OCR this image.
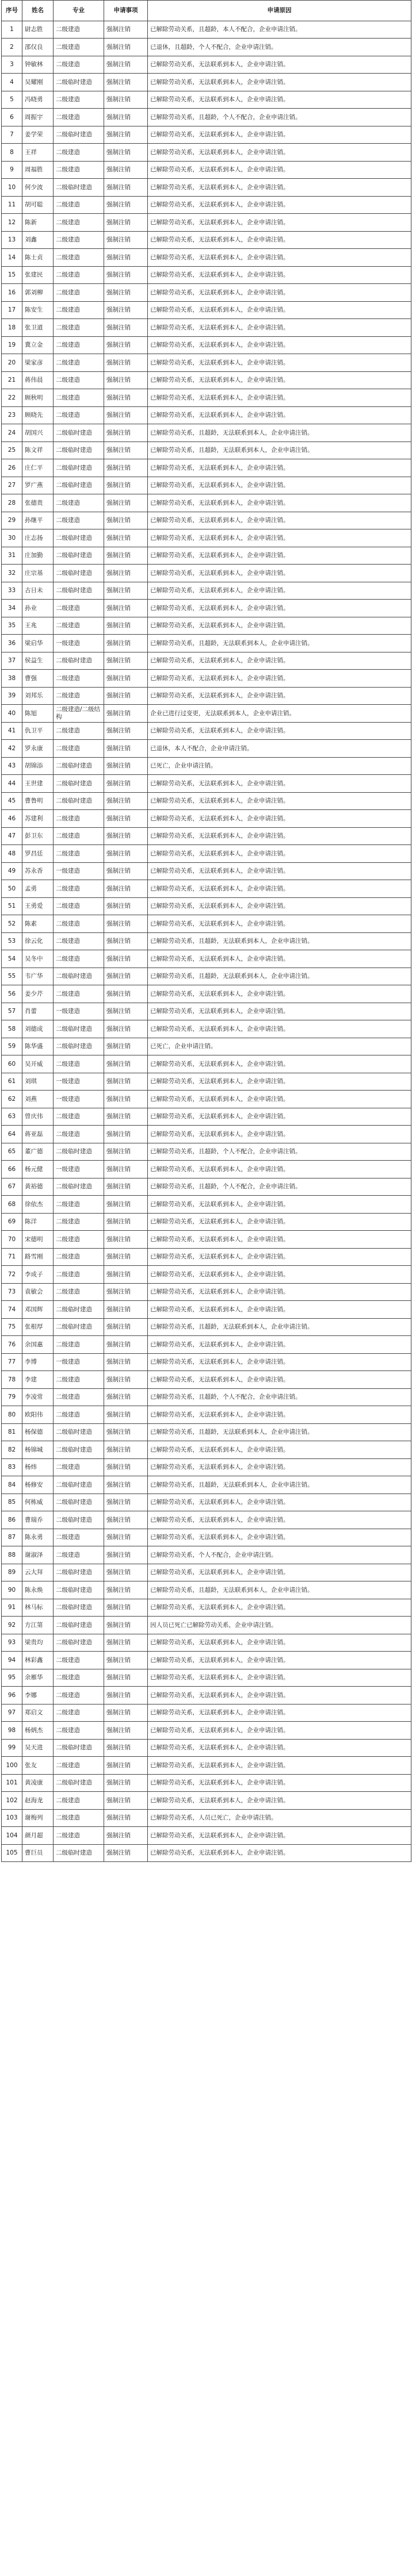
序号	姓名	专业	申请事项	申请原因
1	尉志胜	二级建造	强制注销	已解除劳动关系，且超龄，本人不配合，企业申请注销。
2	邵仅良	二级建造	强制注销	已退休，且超龄，个人不配合，企业申请注销。
3	钟敏林	二级建造	强制注销	已解除劳动关系，无法联系到本人，企业申请注销。
4	吴耀刚	二级临时建造	强制注销	已解除劳动关系，无法联系到本人，企业申请注销。
5	冯晓勇	二级建造	强制注销	已解除劳动关系，无法联系到本人，企业申请注销。
6	周振宇	二级建造	强制注销	已解除劳动关系，且超龄，个人不配合，企业申请注销。
7	姜学荣	二级临时建造	强制注销	已解除劳动关系，无法联系到本人，企业申请注销。
8	王祥	二级建造	强制注销	已解除劳动关系，无法联系到本人，企业申请注销。
9	周福胜	二级建造	强制注销	已解除劳动关系，无法联系到本人，企业申请注销。
10	何少波	二级临时建造	强制注销	已解除劳动关系，无法联系到本人，企业申请注销。
11	胡可聪	二级建造	强制注销	已解除劳动关系，无法联系到本人，企业申请注销。
12	陈新	二级建造	强制注销	已解除劳动关系，无法联系到本人，企业申请注销。
13	刘鑫	二级建造	强制注销	已解除劳动关系，无法联系到本人，企业申请注销。
14	陈士贞	二级建造	强制注销	已解除劳动关系，无法联系到本人，企业申请注销。
15	张建民	二级建造	强制注销	已解除劳动关系，无法联系到本人，企业申请注销。
16	郭刘柳	二级建造	强制注销	已解除劳动关系，无法联系到本人，企业申请注销。
17	陈安生	二级建造	强制注销	已解除劳动关系，无法联系到本人，企业申请注销。
18	张卫道	二级建造	强制注销	已解除劳动关系，无法联系到本人，企业申请注销。
19	冀立金	二级建造	强制注销	已解除劳动关系，无法联系到本人，企业申请注销。
20	梁家彦	二级建造	强制注销	已解除劳动关系，无法联系到本人，企业申请注销。
21	蒋伟晨	二级建造	强制注销	已解除劳动关系，无法联系到本人，企业申请注销。
22	顾秋明	二级建造	强制注销	已解除劳动关系，无法联系到本人，企业申请注销。
23	顾晓先	二级建造	强制注销	已解除劳动关系，无法联系到本人，企业申请注销。
24	胡国兴	二级临时建造	强制注销	已解除劳动关系，且超龄，无法联系到本人，企业申请注销。
25	陈文祥	二级临时建造	强制注销	已解除劳动关系，且超龄，无法联系到本人，企业申请注销。
26	庄仁平	二级临时建造	强制注销	已解除劳动关系，无法联系到本人，企业申请注销。
27	罗广燕	二级临时建造	强制注销	已解除劳动关系，无法联系到本人，企业申请注销。
28	张德贵	二级建造	强制注销	已解除劳动关系，无法联系到本人，企业申请注销。
29	孙继平	二级建造	强制注销	已解除劳动关系，无法联系到本人，企业申请注销。
30	庄志扬	二级临时建造	强制注销	已解除劳动关系，无法联系到本人，企业申请注销。
31	庄加勤	二级临时建造	强制注销	已解除劳动关系，无法联系到本人，企业申请注销。
32	庄宗基	二级临时建造	强制注销	已解除劳动关系，无法联系到本人，企业申请注销。
33	古日未	二级临时建造	强制注销	已解除劳动关系，无法联系到本人，企业申请注销。
34	孙业	二级建造	强制注销	已解除劳动关系，无法联系到本人，企业申请注销。
35	王兆	二级建造	强制注销	已解除劳动关系，无法联系到本人，企业申请注销。
36	梁启华	一级建造	强制注销	已解除劳动关系，且超龄，无法联系到本人，企业申请注销。
37	侯益生	二级临时建造	强制注销	已解除劳动关系，无法联系到本人，企业申请注销。
38	曹强	二级建造	强制注销	已解除劳动关系，无法联系到本人，企业申请注销。
39	刘邦乐	二级建造	强制注销	已解除劳动关系，无法联系到本人，企业申请注销。
40	陈旭	二级建造/二级结构	强制注销	企业已进行过变更，无法联系到本人，企业申请注销。
41	仇卫平	二级建造	强制注销	已解除劳动关系，无法联系到本人，企业申请注销。
42	罗永康	二级建造	强制注销	已退休，本人不配合，企业申请注销。
43	胡锦添	二级临时建造	强制注销	已死亡，企业申请注销。
44	王世建	二级临时建造	强制注销	已解除劳动关系，无法联系到本人，企业申请注销。
45	曹鲁明	二级临时建造	强制注销	已解除劳动关系，无法联系到本人，企业申请注销。
46	苏建利	二级建造	强制注销	已解除劳动关系，无法联系到本人，企业申请注销。
47	彭卫东	二级建造	强制注销	已解除劳动关系，无法联系到本人，企业申请注销。
48	罗昌廷	二级建造	强制注销	已解除劳动关系，无法联系到本人，企业申请注销。
49	苏永香	一级建造	强制注销	已解除劳动关系，无法联系到本人，企业申请注销。
50	孟勇	二级建造	强制注销	已解除劳动关系，无法联系到本人，企业申请注销。
51	王勇爱	二级建造	强制注销	已解除劳动关系，无法联系到本人，企业申请注销。
52	陈素	二级建造	强制注销	已解除劳动关系，无法联系到本人，企业申请注销。
53	徐云化	二级建造	强制注销	已解除劳动关系，且超龄，无法联系到本人，企业申请注销。
54	吴冬中	二级建造	强制注销	已解除劳动关系，无法联系到本人，企业申请注销。
55	韦广华	二级临时建造	强制注销	已解除劳动关系，且超龄，无法联系到本人，企业申请注销。
56	姜少芹	二级建造	强制注销	已解除劳动关系，无法联系到本人，企业申请注销。
57	肖蕾	一级建造	强制注销	已解除劳动关系，无法联系到本人，企业申请注销。
58	刘德成	二级临时建造	强制注销	已解除劳动关系，无法联系到本人，企业申请注销。
59	陈华盛	二级临时建造	强制注销	已死亡，企业申请注销。
60	吴开威	二级建造	强制注销	已解除劳动关系，无法联系到本人，企业申请注销。
61	刘琪	一级建造	强制注销	已解除劳动关系，无法联系到本人，企业申请注销。
62	刘燕	一级建造	强制注销	已解除劳动关系，无法联系到本人，企业申请注销。
63	曾庆伟	二级建造	强制注销	已解除劳动关系，无法联系到本人，企业申请注销。
64	蒋亚磊	二级建造	强制注销	已解除劳动关系，无法联系到本人，企业申请注销。
65	董广德	二级临时建造	强制注销	已解除劳动关系，且超龄，个人不配合，企业申请注销。
66	杨元健	一级建造	强制注销	已解除劳动关系，无法联系到本人，企业申请注销。
67	黄裕德	二级临时建造	强制注销	已解除劳动关系，且超龄，个人不配合，企业申请注销。
68	徐依杰	二级建造	强制注销	已解除劳动关系，无法联系到本人，企业申请注销。
69	陈洋	二级建造	强制注销	已解除劳动关系，无法联系到本人，企业申请注销。
70	宋德明	二级建造	强制注销	已解除劳动关系，无法联系到本人，企业申请注销。
71	路雪刚	二级建造	强制注销	已解除劳动关系，无法联系到本人，企业申请注销。
72	李成子	二级建造	强制注销	已解除劳动关系，无法联系到本人，企业申请注销。
73	袁敏会	二级建造	强制注销	已解除劳动关系，无法联系到本人，企业申请注销。
74	邓国辉	二级临时建造	强制注销	已解除劳动关系，无法联系到本人，企业申请注销。
75	张根厚	二级临时建造	强制注销	已解除劳动关系，且超龄，无法联系到本人，企业申请注销。
76	余国惠	二级建造	强制注销	已解除劳动关系，无法联系到本人，企业申请注销。
77	李博	一级建造	强制注销	已解除劳动关系，无法联系到本人，企业申请注销。
78	李建	二级建造	强制注销	已解除劳动关系，无法联系到本人，企业申请注销。
79	李凌常	二级建造	强制注销	已解除劳动关系，且超龄，个人不配合，企业申请注销。
80	欧阳伟	二级建造	强制注销	已解除劳动关系，无法联系到本人，企业申请注销。
81	杨保德	二级临时建造	强制注销	已解除劳动关系，且超龄，无法联系到本人，企业申请注销。
82	杨锦城	二级临时建造	强制注销	已解除劳动关系，无法联系到本人，企业申请注销。
83	杨炜	二级建造	强制注销	已解除劳动关系，无法联系到本人，企业申请注销。
84	杨修安	二级临时建造	强制注销	已解除劳动关系，且超龄，无法联系到本人，企业申请注销。
85	何栋威	二级临时建造	强制注销	已解除劳动关系，无法联系到本人，企业申请注销。
86	曹瑞乔	二级临时建造	强制注销	已解除劳动关系，无法联系到本人，企业申请注销。
87	陈永勇	二级建造	强制注销	已解除劳动关系，无法联系到本人，企业申请注销。
88	谢淑泽	二级建造	强制注销	已解除劳动关系，个人不配合，企业申请注销。
89	云大拜	二级临时建造	强制注销	已解除劳动关系，无法联系到本人，企业申请注销。
90	陈永焕	二级临时建造	强制注销	已解除劳动关系，且超龄，无法联系到本人，企业申请注销。
91	林马标	二级临时建造	强制注销	已解除劳动关系，无法联系到本人，企业申请注销。
92	方江第	二级临时建造	强制注销	因人员已死亡已解除劳动关系，企业申请注销。
93	梁贵均	二级临时建造	强制注销	已解除劳动关系，无法联系到本人，企业申请注销。
94	林彩鑫	二级建造	强制注销	已解除劳动关系，无法联系到本人，企业申请注销。
95	余雁华	二级建造	强制注销	已解除劳动关系，无法联系到本人，企业申请注销。
96	李娜	二级建造	强制注销	已解除劳动关系，无法联系到本人，企业申请注销。
97	郑启文	二级建造	强制注销	已解除劳动关系，无法联系到本人，企业申请注销。
98	杨炳杰	二级建造	强制注销	已解除劳动关系，无法联系到本人，企业申请注销。
99	吴天进	二级临时建造	强制注销	已解除劳动关系，无法联系到本人，企业申请注销。
100	张友	二级建造	强制注销	已解除劳动关系，无法联系到本人，企业申请注销。
101	黄凌康	二级临时建造	强制注销	已解除劳动关系，无法联系到本人，企业申请注销。
102	赵海龙	二级建造	强制注销	已解除劳动关系，无法联系到本人，企业申请注销。
103	谢梅列	二级建造	强制注销	已解除劳动关系，人员已死亡，企业申请注销。
104	颜月超	二级建造	强制注销	已解除劳动关系，无法联系到本人，企业申请注销。
105	曹巨员	二级临时建造	强制注销	已解除劳动关系，无法联系到本人，企业申请注销。
